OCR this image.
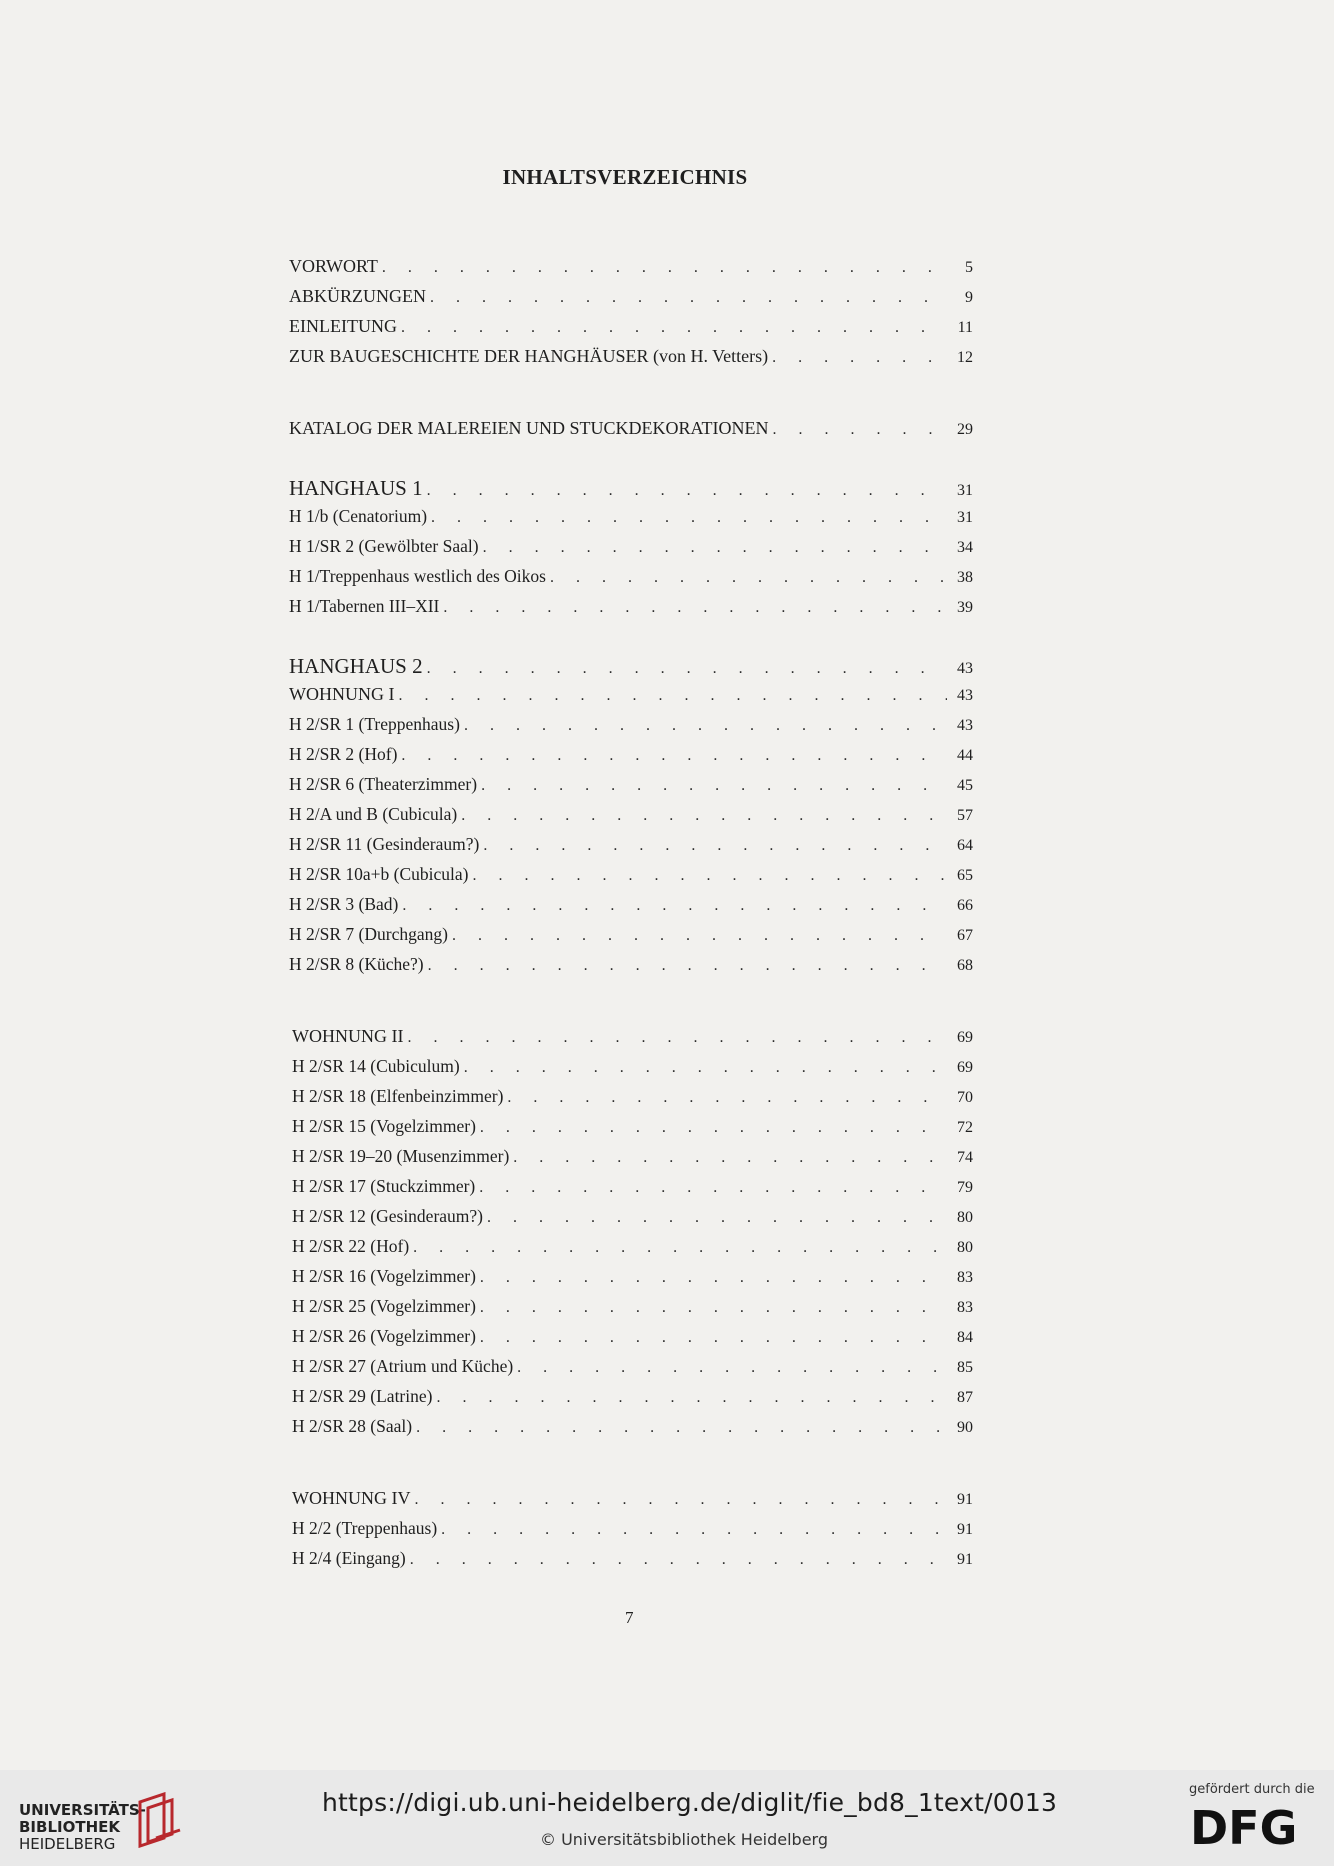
INHALTSVERZEICHNIS
VORWORT . . .	5
ABKÜRZUNGEN . . .	9
EINLEITUNG . . .	11
ZUR BAUGESCHICHTE DER HANGHÄUSER (von H. Vetters) . . .	12
KATALOG DER MALEREIEN UND STUCKDEKORATIONEN . . .	29
HANGHAUS 1 . . .	31
H 1/b (Cenatorium) . . .	31
H 1/SR 2 (Gewölbter Saal) . . .	34
H 1/Treppenhaus westlich des Oikos . . .	38
H 1/Tabernen III–XII . . .	39
HANGHAUS 2 . . .	43
WOHNUNG I . . .	43
H 2/SR 1 (Treppenhaus) . . .	43
H 2/SR 2 (Hof) . . .	44
H 2/SR 6 (Theaterzimmer) . . .	45
H 2/A und B (Cubicula) . . .	57
H 2/SR 11 (Gesinderaum?) . . .	64
H 2/SR 10a+b (Cubicula) . . .	65
H 2/SR 3 (Bad) . . .	66
H 2/SR 7 (Durchgang) . . .	67
H 2/SR 8 (Küche?) . . .	68
WOHNUNG II . . .	69
H 2/SR 14 (Cubiculum) . . .	69
H 2/SR 18 (Elfenbeinzimmer) . . .	70
H 2/SR 15 (Vogelzimmer) . . .	72
H 2/SR 19–20 (Musenzimmer) . . .	74
H 2/SR 17 (Stuckzimmer) . . .	79
H 2/SR 12 (Gesinderaum?) . . .	80
H 2/SR 22 (Hof) . . .	80
H 2/SR 16 (Vogelzimmer) . . .	83
H 2/SR 25 (Vogelzimmer) . . .	83
H 2/SR 26 (Vogelzimmer) . . .	84
H 2/SR 27 (Atrium und Küche) . . .	85
H 2/SR 29 (Latrine) . . .	87
H 2/SR 28 (Saal) . . .	90
WOHNUNG IV . . .	91
H 2/2 (Treppenhaus) . . .	91
H 2/4 (Eingang) . . .	91
7
UNIVERSITÄTS-
BIBLIOTHEK
HEIDELBERG
https://digi.ub.uni-heidelberg.de/diglit/fie_bd8_1text/0013
© Universitätsbibliothek Heidelberg
gefördert durch die
DFG
